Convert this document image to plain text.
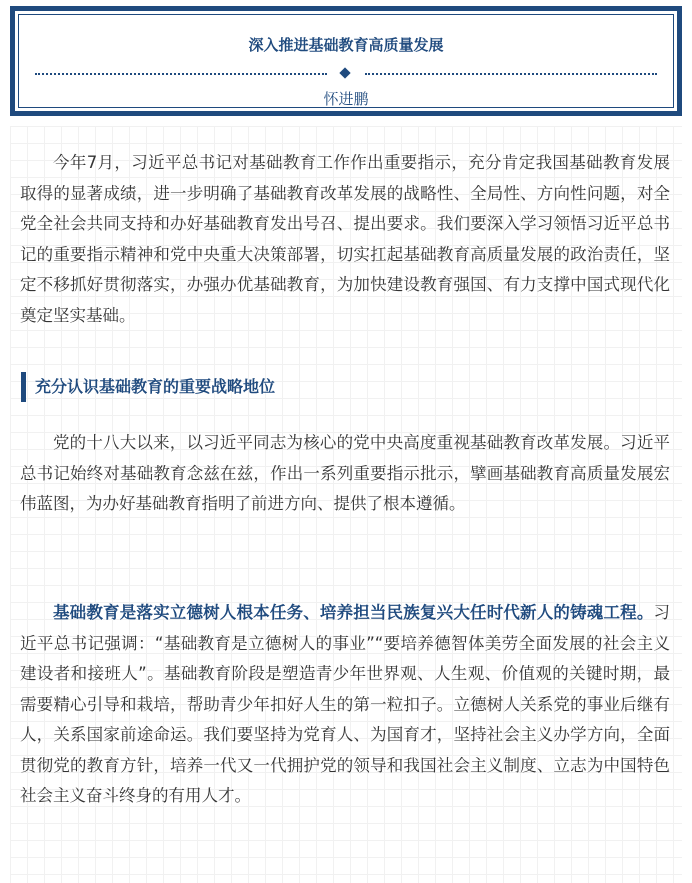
深入推进基础教育高质量发展
怀进鹏

今年7月，习近平总书记对基础教育工作作出重要指示，充分肯定我国基础教育发展取得的显著成绩，进一步明确了基础教育改革发展的战略性、全局性、方向性问题，对全党全社会共同支持和办好基础教育发出号召、提出要求。我们要深入学习领悟习近平总书记的重要指示精神和党中央重大决策部署，切实扛起基础教育高质量发展的政治责任，坚定不移抓好贯彻落实，办强办优基础教育，为加快建设教育强国、有力支撑中国式现代化奠定坚实基础。

充分认识基础教育的重要战略地位

党的十八大以来，以习近平同志为核心的党中央高度重视基础教育改革发展。习近平总书记始终对基础教育念兹在兹，作出一系列重要指示批示，擘画基础教育高质量发展宏伟蓝图，为办好基础教育指明了前进方向、提供了根本遵循。

基础教育是落实立德树人根本任务、培养担当民族复兴大任时代新人的铸魂工程。习近平总书记强调：“基础教育是立德树人的事业”“要培养德智体美劳全面发展的社会主义建设者和接班人”。基础教育阶段是塑造青少年世界观、人生观、价值观的关键时期，最需要精心引导和栽培，帮助青少年扣好人生的第一粒扣子。立德树人关系党的事业后继有人，关系国家前途命运。我们要坚持为党育人、为国育才，坚持社会主义办学方向，全面贯彻党的教育方针，培养一代又一代拥护党的领导和我国社会主义制度、立志为中国特色社会主义奋斗终身的有用人才。
